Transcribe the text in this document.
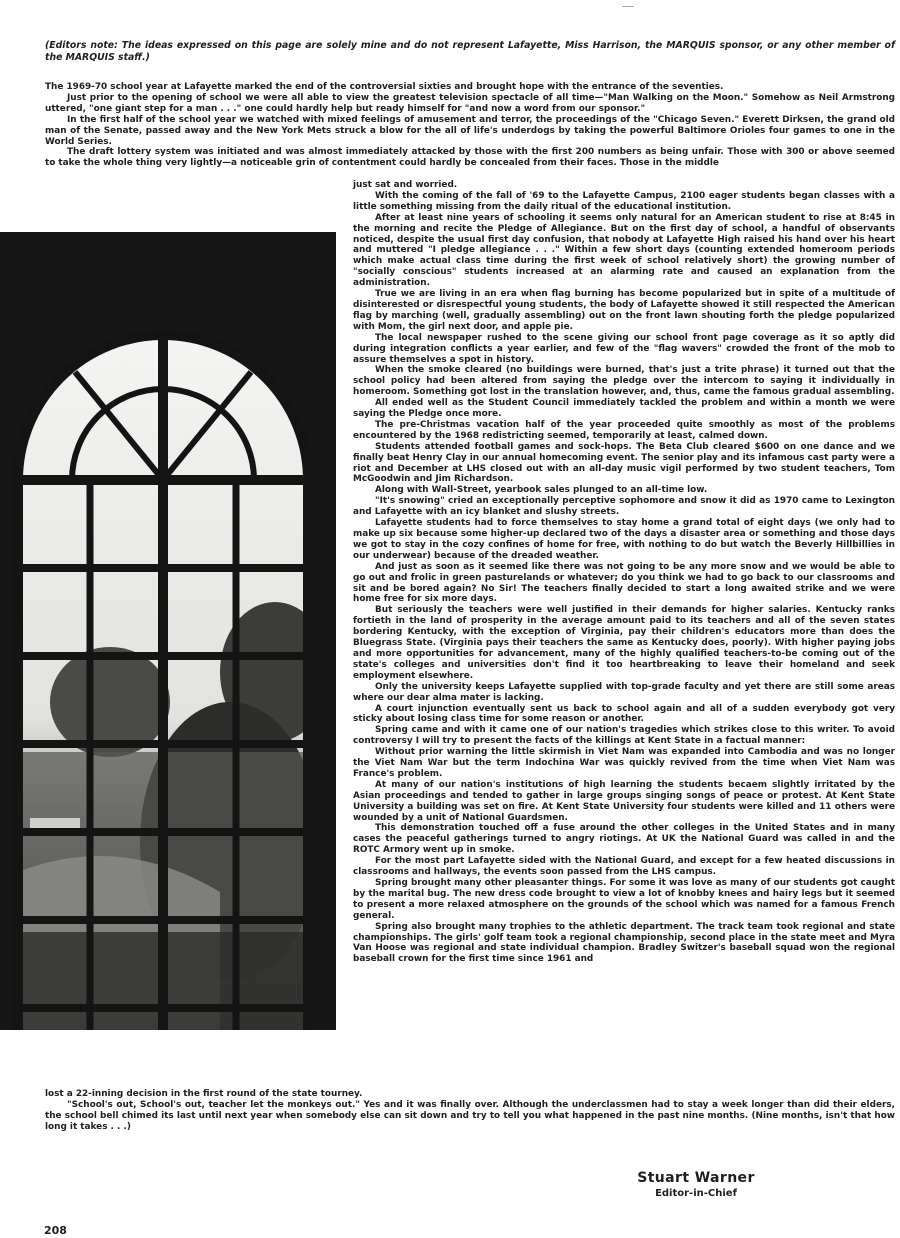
(Editors note: The ideas expressed on this page are solely mine and do not represent Lafayette, Miss Harrison, the MARQUIS sponsor, or any other member of the MARQUIS staff.)

The 1969-70 school year at Lafayette marked the end of the controversial sixties and brought hope with the entrance of the seventies.

Just prior to the opening of school we were all able to view the greatest television spectacle of all time—"Man Walking on the Moon." Somehow as Neil Armstrong uttered, "one giant step for a man . . ." one could hardly help but ready himself for "and now a word from our sponsor."

In the first half of the school year we watched with mixed feelings of amusement and terror, the proceedings of the "Chicago Seven." Everett Dirksen, the grand old man of the Senate, passed away and the New York Mets struck a blow for the all of life's underdogs by taking the powerful Baltimore Orioles four games to one in the World Series.

The draft lottery system was initiated and was almost immediately attacked by those with the first 200 numbers as being unfair. Those with 300 or above seemed to take the whole thing very lightly—a noticeable grin of contentment could hardly be concealed from their faces. Those in the middle

just sat and worried.

With the coming of the fall of '69 to the Lafayette Campus, 2100 eager students began classes with a little something missing from the daily ritual of the educational institution.

After at least nine years of schooling it seems only natural for an American student to rise at 8:45 in the morning and recite the Pledge of Allegiance. But on the first day of school, a handful of observants noticed, despite the usual first day confusion, that nobody at Lafayette High raised his hand over his heart and muttered "I pledge allegiance . . ." Within a few short days (counting extended homeroom periods which make actual class time during the first week of school relatively short) the growing number of "socially conscious" students increased at an alarming rate and caused an explanation from the administration.

True we are living in an era when flag burning has become popularized but in spite of a multitude of disinterested or disrespectful young students, the body of Lafayette showed it still respected the American flag by marching (well, gradually assembling) out on the front lawn shouting forth the pledge popularized with Mom, the girl next door, and apple pie.

The local newspaper rushed to the scene giving our school front page coverage as it so aptly did during integration conflicts a year earlier, and few of the "flag wavers" crowded the front of the mob to assure themselves a spot in history.

When the smoke cleared (no buildings were burned, that's just a trite phrase) it turned out that the school policy had been altered from saying the pledge over the intercom to saying it individually in homeroom. Something got lost in the translation however, and, thus, came the famous gradual assembling.

All ended well as the Student Council immediately tackled the problem and within a month we were saying the Pledge once more.

The pre-Christmas vacation half of the year proceeded quite smoothly as most of the problems encountered by the 1968 redistricting seemed, temporarily at least, calmed down.

Students attended football games and sock-hops. The Beta Club cleared $600 on one dance and we finally beat Henry Clay in our annual homecoming event. The senior play and its infamous cast party were a riot and December at LHS closed out with an all-day music vigil performed by two student teachers, Tom McGoodwin and Jim Richardson.

Along with Wall-Street, yearbook sales plunged to an all-time low.

"It's snowing" cried an exceptionally perceptive sophomore and snow it did as 1970 came to Lexington and Lafayette with an icy blanket and slushy streets.

Lafayette students had to force themselves to stay home a grand total of eight days (we only had to make up six because some higher-up declared two of the days a disaster area or something and those days we got to stay in the cozy confines of home for free, with nothing to do but watch the Beverly Hillbillies in our underwear) because of the dreaded weather.

And just as soon as it seemed like there was not going to be any more snow and we would be able to go out and frolic in green pasturelands or whatever; do you think we had to go back to our classrooms and sit and be bored again? No Sir! The teachers finally decided to start a long awaited strike and we were home free for six more days.

But seriously the teachers were well justified in their demands for higher salaries. Kentucky ranks fortieth in the land of prosperity in the average amount paid to its teachers and all of the seven states bordering Kentucky, with the exception of Virginia, pay their children's educators more than does the Bluegrass State. (Virginia pays their teachers the same as Kentucky does, poorly). With higher paying jobs and more opportunities for advancement, many of the highly qualified teachers-to-be coming out of the state's colleges and universities don't find it too heartbreaking to leave their homeland and seek employment elsewhere.

Only the university keeps Lafayette supplied with top-grade faculty and yet there are still some areas where our dear alma mater is lacking.

A court injunction eventually sent us back to school again and all of a sudden everybody got very sticky about losing class time for some reason or another.

Spring came and with it came one of our nation's tragedies which strikes close to this writer. To avoid controversy I will try to present the facts of the killings at Kent State in a factual manner:

Without prior warning the little skirmish in Viet Nam was expanded into Cambodia and was no longer the Viet Nam War but the term Indochina War was quickly revived from the time when Viet Nam was France's problem.

At many of our nation's institutions of high learning the students becaem slightly irritated by the Asian proceedings and tended to gather in large groups singing songs of peace or protest. At Kent State University a building was set on fire. At Kent State University four students were killed and 11 others were wounded by a unit of National Guardsmen.

This demonstration touched off a fuse around the other colleges in the United States and in many cases the peaceful gatherings turned to angry riotings. At UK the National Guard was called in and the ROTC Armory went up in smoke.

For the most part Lafayette sided with the National Guard, and except for a few heated discussions in classrooms and hallways, the events soon passed from the LHS campus.

Spring brought many other pleasanter things. For some it was love as many of our students got caught by the marital bug. The new dress code brought to view a lot of knobby knees and hairy legs but it seemed to present a more relaxed atmosphere on the grounds of the school which was named for a famous French general.

Spring also brought many trophies to the athletic department. The track team took regional and state championships. The girls' golf team took a regional championship, second place in the state meet and Myra Van Hoose was regional and state individual champion. Bradley Switzer's baseball squad won the regional baseball crown for the first time since 1961 and

lost a 22-inning decision in the first round of the state tourney.

"School's out, School's out, teacher let the monkeys out." Yes and it was finally over. Although the underclassmen had to stay a week longer than did their elders, the school bell chimed its last until next year when somebody else can sit down and try to tell you what happened in the past nine months. (Nine months, isn't that how long it takes . . .)

Stuart Warner
Editor-in-Chief
208
